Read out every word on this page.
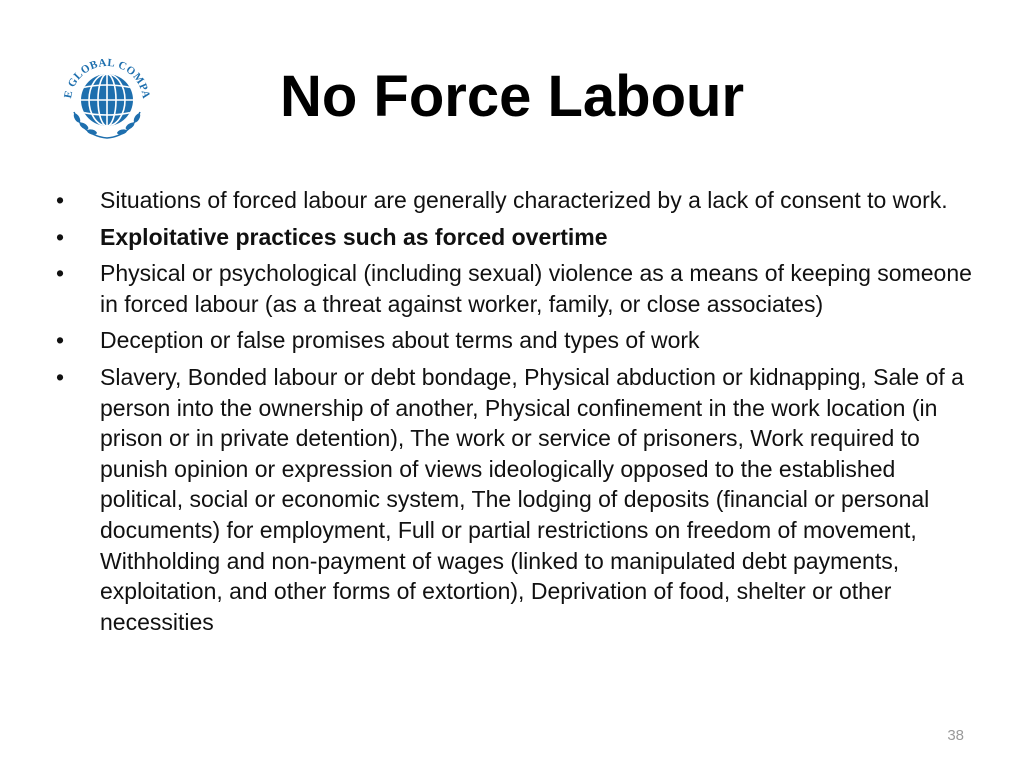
E GLOBAL COMPA	No Force Labour
•	Situations of forced labour are generally characterized by a lack of consent to work.
•	Exploitative practices such as forced overtime
•	Physical or psychological (including sexual) violence as a means of keeping someone in forced labour (as a threat against worker, family, or close associates)
•	Deception or false promises about terms and types of work
•	Slavery, Bonded labour or debt bondage, Physical abduction or kidnapping, Sale of a person into the ownership of another, Physical confinement in the work location (in prison or in private detention), The work or service of prisoners, Work required to punish opinion or expression of views ideologically opposed to the established political, social or economic system, The lodging of deposits (financial or personal documents) for employment, Full or partial restrictions on freedom of movement, Withholding and non-payment of wages (linked to manipulated debt payments, exploitation, and other forms of extortion), Deprivation of food, shelter or other necessities
38
